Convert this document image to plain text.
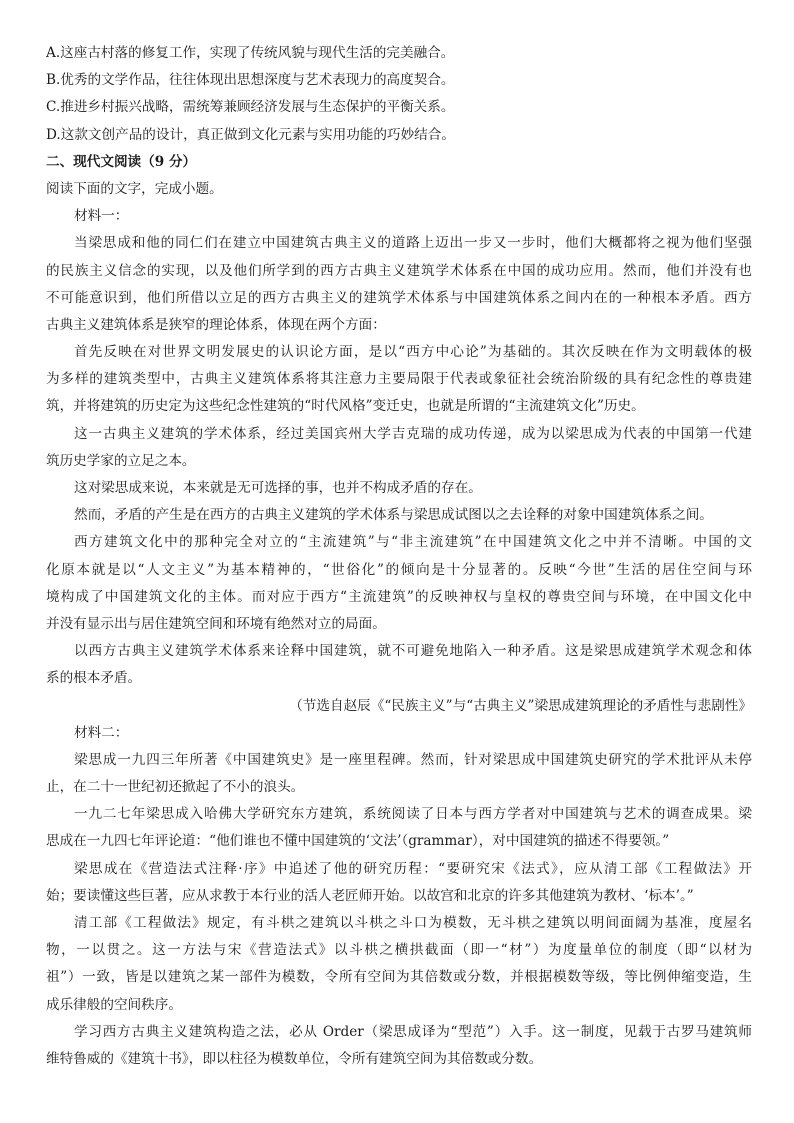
A.这座古村落的修复工作，实现了传统风貌与现代生活的完美融合。
B.优秀的文学作品，往往体现出思想深度与艺术表现力的高度契合。
C.推进乡村振兴战略，需统筹兼顾经济发展与生态保护的平衡关系。
D.这款文创产品的设计，真正做到文化元素与实用功能的巧妙结合。
二、现代文阅读（9 分）
阅读下面的文字，完成小题。
材料一：
当梁思成和他的同仁们在建立中国建筑古典主义的道路上迈出一步又一步时，他们大概都将之视为他们坚强
的民族主义信念的实现，以及他们所学到的西方古典主义建筑学术体系在中国的成功应用。然而，他们并没有也
不可能意识到，他们所借以立足的西方古典主义的建筑学术体系与中国建筑体系之间内在的一种根本矛盾。西方
古典主义建筑体系是狭窄的理论体系，体现在两个方面：
首先反映在对世界文明发展史的认识论方面，是以“西方中心论”为基础的。其次反映在作为文明载体的极
为多样的建筑类型中，古典主义建筑体系将其注意力主要局限于代表或象征社会统治阶级的具有纪念性的尊贵建
筑，并将建筑的历史定为这些纪念性建筑的“时代风格”变迁史，也就是所谓的“主流建筑文化”历史。
这一古典主义建筑的学术体系，经过美国宾州大学吉克瑞的成功传递，成为以梁思成为代表的中国第一代建
筑历史学家的立足之本。
这对梁思成来说，本来就是无可选择的事，也并不构成矛盾的存在。
然而，矛盾的产生是在西方的古典主义建筑的学术体系与梁思成试图以之去诠释的对象中国建筑体系之间。
西方建筑文化中的那种完全对立的“主流建筑”与“非主流建筑”在中国建筑文化之中并不清晰。中国的文
化原本就是以“人文主义”为基本精神的，“世俗化”的倾向是十分显著的。反映“今世”生活的居住空间与环
境构成了中国建筑文化的主体。而对应于西方“主流建筑”的反映神权与皇权的尊贵空间与环境，在中国文化中
并没有显示出与居住建筑空间和环境有绝然对立的局面。
以西方古典主义建筑学术体系来诠释中国建筑，就不可避免地陷入一种矛盾。这是梁思成建筑学术观念和体
系的根本矛盾。
（节选自赵辰《“民族主义”与“古典主义”梁思成建筑理论的矛盾性与悲剧性》
材料二：
梁思成一九四三年所著《中国建筑史》是一座里程碑。然而，针对梁思成中国建筑史研究的学术批评从未停
止，在二十一世纪初还掀起了不小的浪头。
一九二七年梁思成入哈佛大学研究东方建筑，系统阅读了日本与西方学者对中国建筑与艺术的调查成果。梁
思成在一九四七年评论道：“他们谁也不懂中国建筑的‘文法’（grammar），对中国建筑的描述不得要领。”
梁思成在《营造法式注释·序》中追述了他的研究历程：“要研究宋《法式》，应从清工部《工程做法》开
始；要读懂这些巨著，应从求教于本行业的活人老匠师开始。以故宫和北京的许多其他建筑为教材、‘标本’。”
清工部《工程做法》规定，有斗栱之建筑以斗栱之斗口为模数，无斗栱之建筑以明间面阔为基准，度屋名
物，一以贯之。这一方法与宋《营造法式》以斗栱之横拱截面（即一“材”）为度量单位的制度（即“以材为
祖”）一致，皆是以建筑之某一部件为模数，令所有空间为其倍数或分数，并根据模数等级，等比例伸缩变造，生
成乐律般的空间秩序。
学习西方古典主义建筑构造之法，必从 Order（梁思成译为“型范”）入手。这一制度，见载于古罗马建筑师
维特鲁威的《建筑十书》，即以柱径为模数单位，令所有建筑空间为其倍数或分数。
